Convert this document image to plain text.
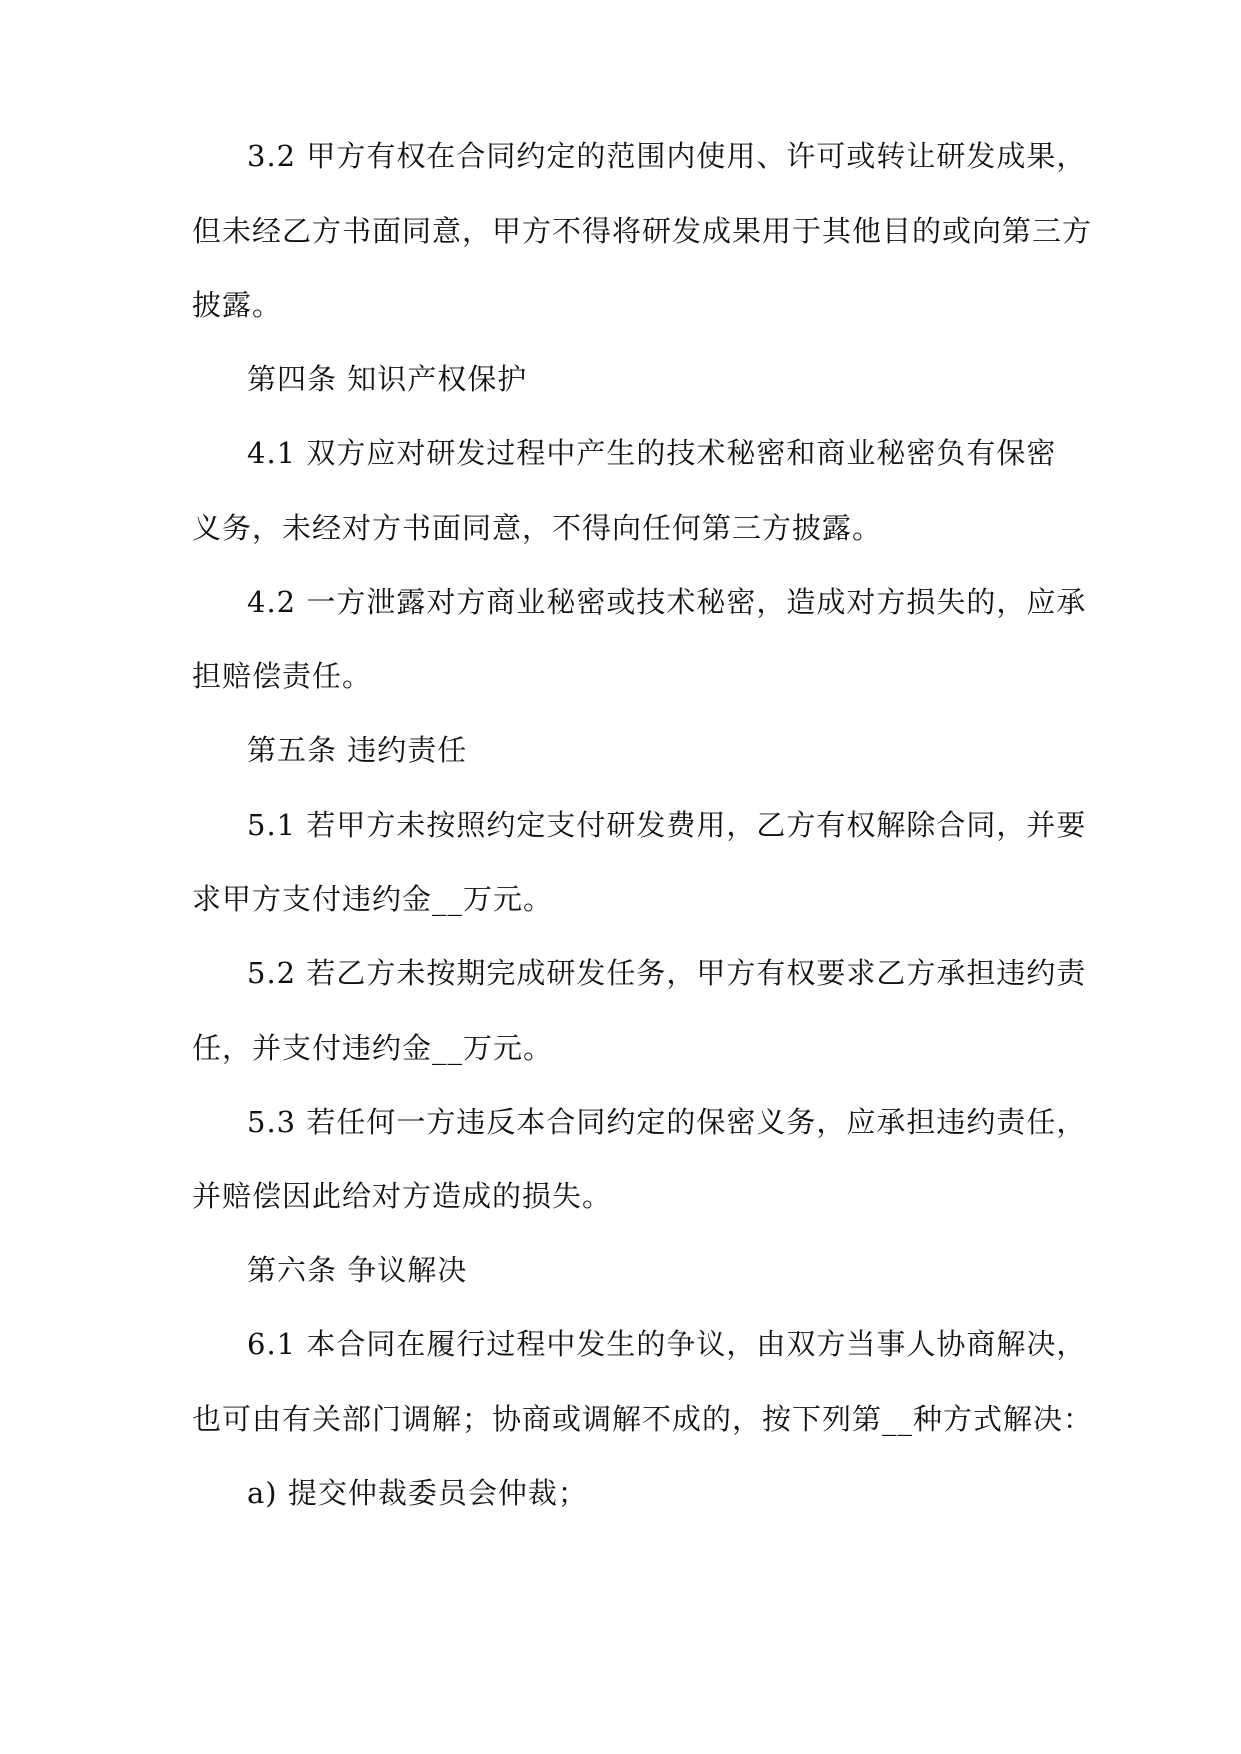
3.2 甲方有权在合同约定的范围内使用、许可或转让研发成果，

但未经乙方书面同意，甲方不得将研发成果用于其他目的或向第三方

披露。

第四条 知识产权保护

4.1 双方应对研发过程中产生的技术秘密和商业秘密负有保密

义务，未经对方书面同意，不得向任何第三方披露。

4.2 一方泄露对方商业秘密或技术秘密，造成对方损失的，应承

担赔偿责任。

第五条 违约责任

5.1 若甲方未按照约定支付研发费用，乙方有权解除合同，并要

求甲方支付违约金__万元。

5.2 若乙方未按期完成研发任务，甲方有权要求乙方承担违约责

任，并支付违约金__万元。

5.3 若任何一方违反本合同约定的保密义务，应承担违约责任，

并赔偿因此给对方造成的损失。

第六条 争议解决

6.1 本合同在履行过程中发生的争议，由双方当事人协商解决，

也可由有关部门调解；协商或调解不成的，按下列第__种方式解决：

a) 提交仲裁委员会仲裁；
